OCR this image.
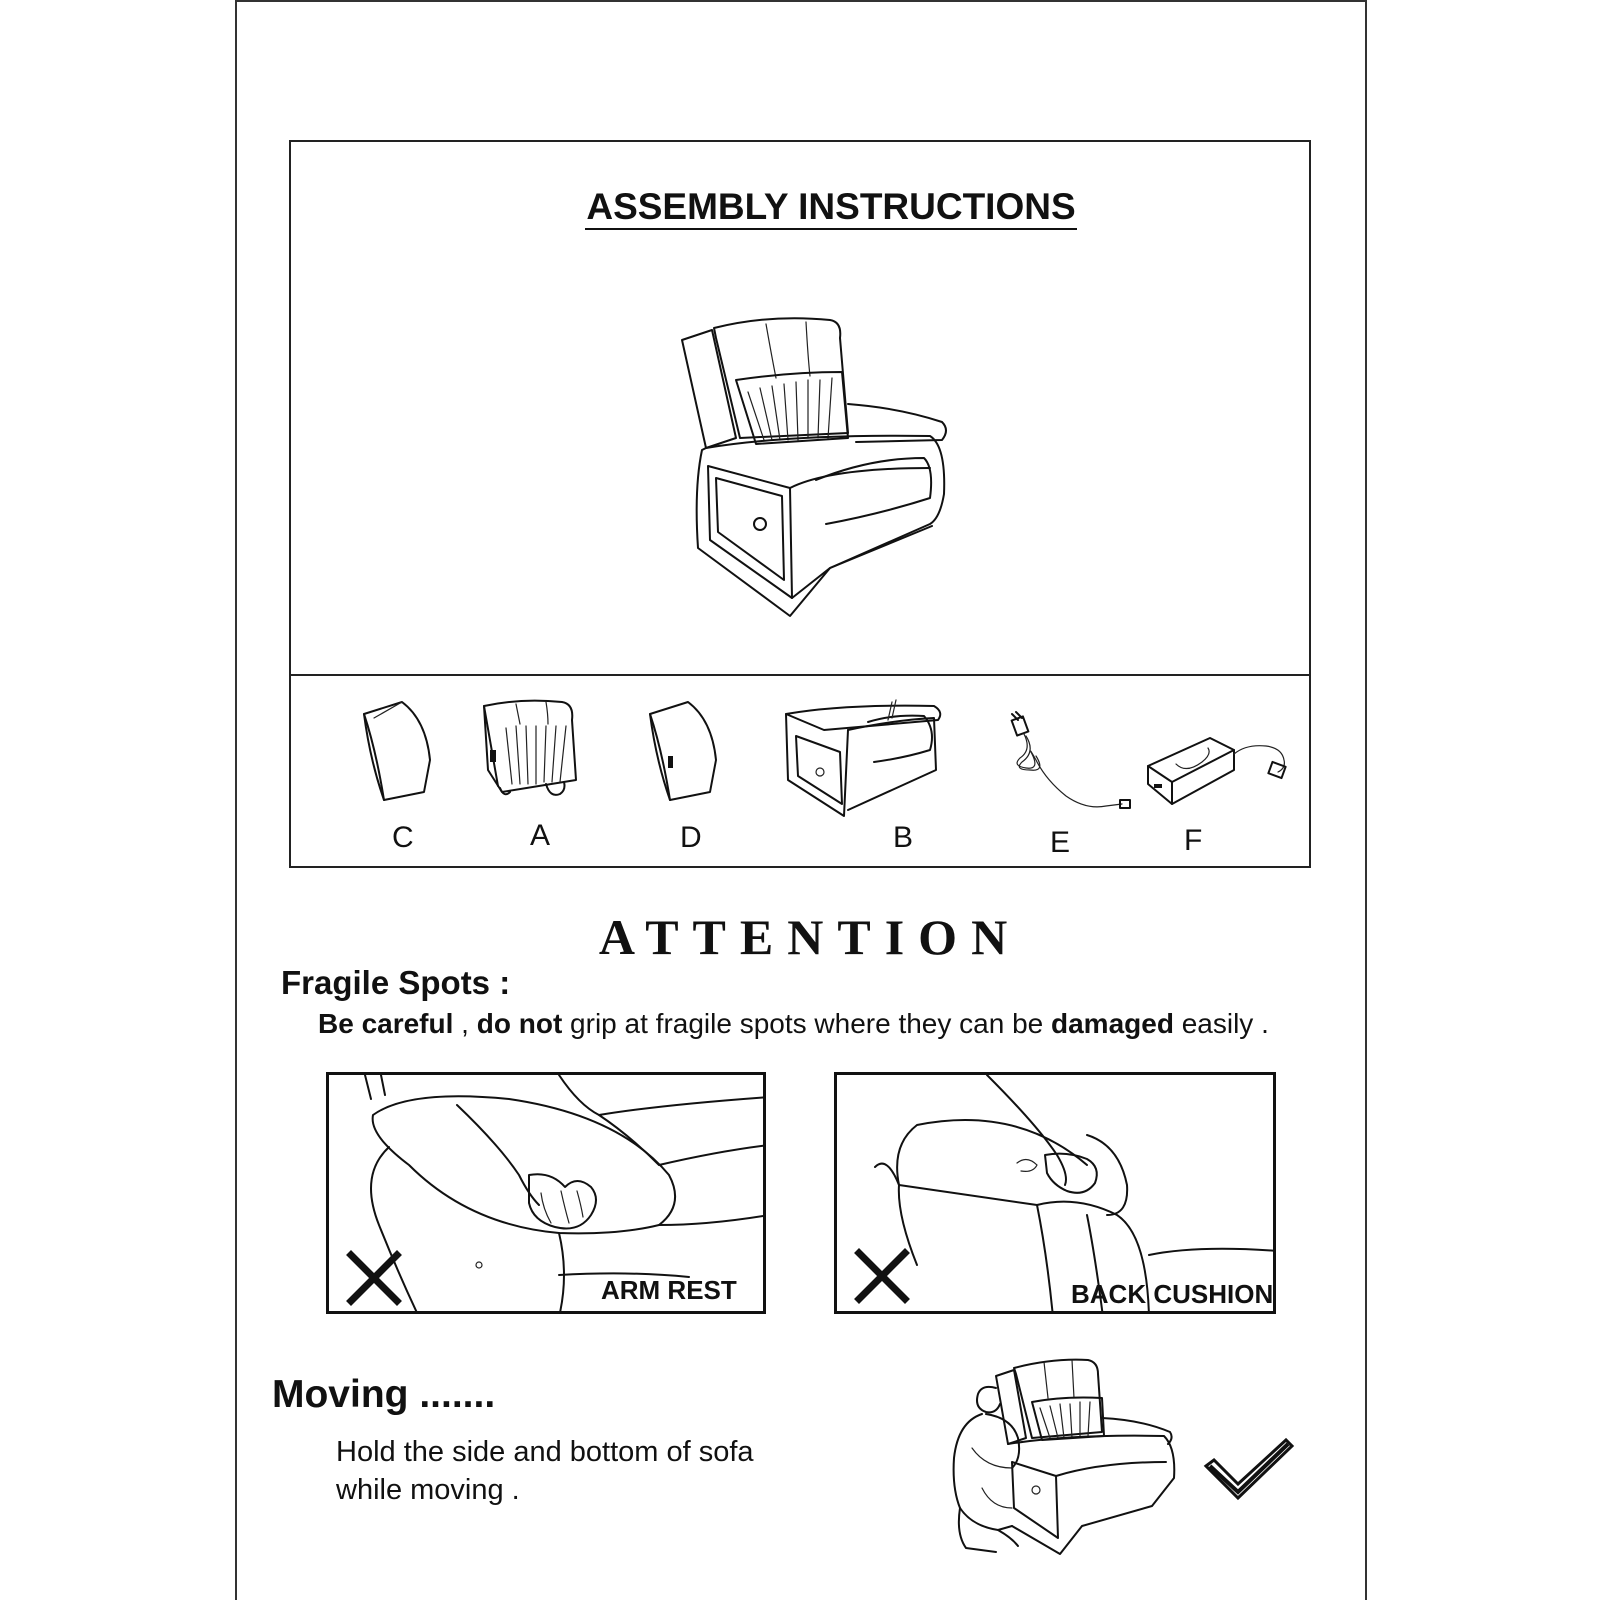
ASSEMBLY INSTRUCTIONS
C	A	D	B	E	F
ATTENTION
Fragile Spots :
Be careful , do not grip at fragile spots where they can be damaged easily .
ARM REST	BACK CUSHION
Moving .......
Hold the side and bottom of sofa
while moving .
